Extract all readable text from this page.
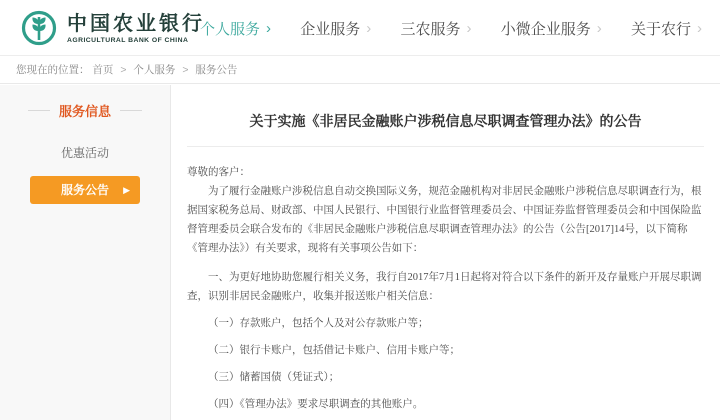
中国农业银行
AGRICULTURAL BANK OF CHINA
个人服务 › 企业服务 › 三农服务 › 小微企业服务 › 关于农行 ›
您现在的位置： 首页 > 个人服务 > 服务公告
服务信息
优惠活动
服务公告 ▶
关于实施《非居民金融账户涉税信息尽职调查管理办法》的公告

尊敬的客户：

为了履行金融账户涉税信息自动交换国际义务，规范金融机构对非居民金融账户涉税信息尽职调查行为，根据国家税务总局、财政部、中国人民银行、中国银行业监督管理委员会、中国证券监督管理委员会和中国保险监督管理委员会联合发布的《非居民金融账户涉税信息尽职调查管理办法》的公告（公告[2017]14号，以下简称《管理办法》）有关要求，现将有关事项公告如下：

一、为更好地协助您履行相关义务，我行自2017年7月1日起将对符合以下条件的新开及存量账户开展尽职调查，识别非居民金融账户，收集并报送账户相关信息：

（一）存款账户，包括个人及对公存款账户等；

（二）银行卡账户，包括借记卡账户、信用卡账户等；

（三）储蓄国债（凭证式）；

（四）《管理办法》要求尽职调查的其他账户。
